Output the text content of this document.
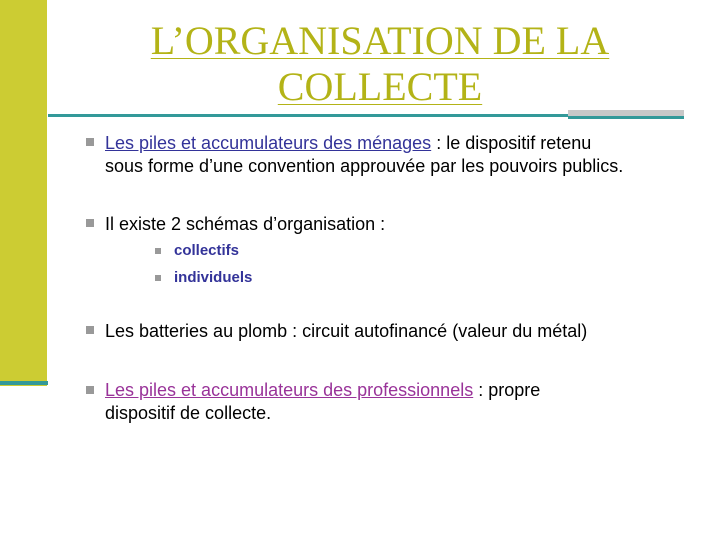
L’ORGANISATION DE LA
COLLECTE
Les piles et accumulateurs des ménages : le dispositif retenu
sous forme d’une convention approuvée par les pouvoirs publics.
Il existe 2 schémas d’organisation :
collectifs
individuels
Les batteries au plomb : circuit autofinancé (valeur du métal)
Les piles et accumulateurs des professionnels : propre
dispositif de collecte.
